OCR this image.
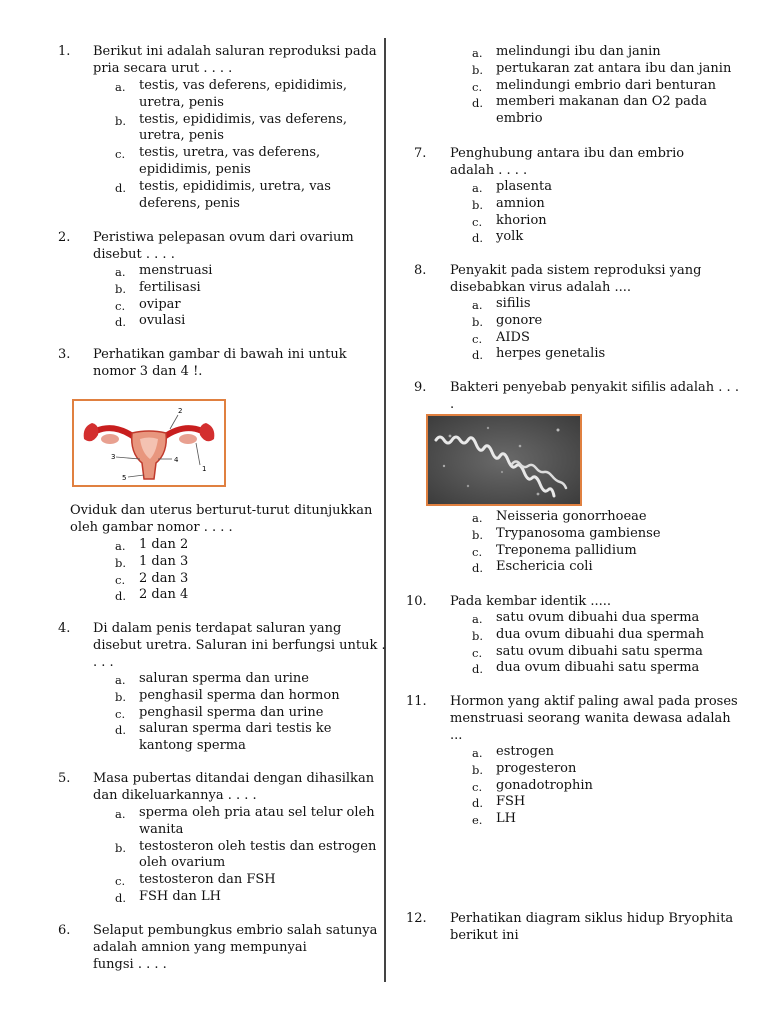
1. Berikut ini adalah saluran reproduksi pada
pria secara urut . . . .
a.	testis, vas deferens, epididimis,
uretra, penis
b. testis, epididimis, vas deferens,
uretra, penis
c.	testis, uretra, vas deferens,
epididimis, penis
d. testis, epididimis, uretra, vas
deferens, penis
2. Peristiwa pelepasan ovum dari ovarium
disebut . . . .
a.	menstruasi
b. fertilisasi
c.	ovipar
d. ovulasi
3. Perhatikan gambar di bawah ini untuk
nomor 3 dan 4 !.
1
2
3	4
5
Oviduk dan uterus berturut-turut ditunjukkan
oleh gambar nomor . . . .
a.	1 dan 2
b. 1 dan 3
c.	2 dan 3
d. 2 dan 4
4. Di dalam penis terdapat saluran yang
disebut uretra. Saluran ini berfungsi untuk .
. . .
a.	saluran sperma dan urine
b. penghasil sperma dan hormon
c.	penghasil sperma dan urine
d. saluran sperma dari testis ke
kantong sperma
5. Masa pubertas ditandai dengan dihasilkan
dan dikeluarkannya . . . .
a.	sperma oleh pria atau sel telur oleh
wanita
b. testosteron oleh testis dan estrogen
oleh ovarium
c.	testosteron dan FSH
d. FSH dan LH
6. Selaput pembungkus embrio salah satunya
adalah amnion yang mempunyai
fungsi . . . .
a.	melindungi ibu dan janin
b. pertukaran zat antara ibu dan janin
c.	melindungi embrio dari benturan
d. memberi makanan dan O2 pada
embrio
7. Penghubung antara ibu dan embrio
adalah . . . .
a.	plasenta
b. amnion
c.	khorion
d. yolk
8. Penyakit pada sistem reproduksi yang
disebabkan virus adalah ....
a.	sifilis
b. gonore
c.	AIDS
d. herpes genetalis
9. Bakteri penyebab penyakit sifilis adalah . . .
.
a.	Neisseria gonorrhoeae
b. Trypanosoma gambiense
c.	Treponema pallidium
d. Eschericia coli
10. Pada kembar identik .....
a.	satu ovum dibuahi dua sperma
b. dua ovum dibuahi dua spermah
c.	satu ovum dibuahi satu sperma
d. dua ovum dibuahi satu sperma
11. Hormon yang aktif paling awal pada proses
menstruasi seorang wanita dewasa adalah
...
a.	estrogen
b. progesteron
c.	gonadotrophin
d. FSH
e.	LH
12. Perhatikan diagram siklus hidup Bryophita
berikut ini
